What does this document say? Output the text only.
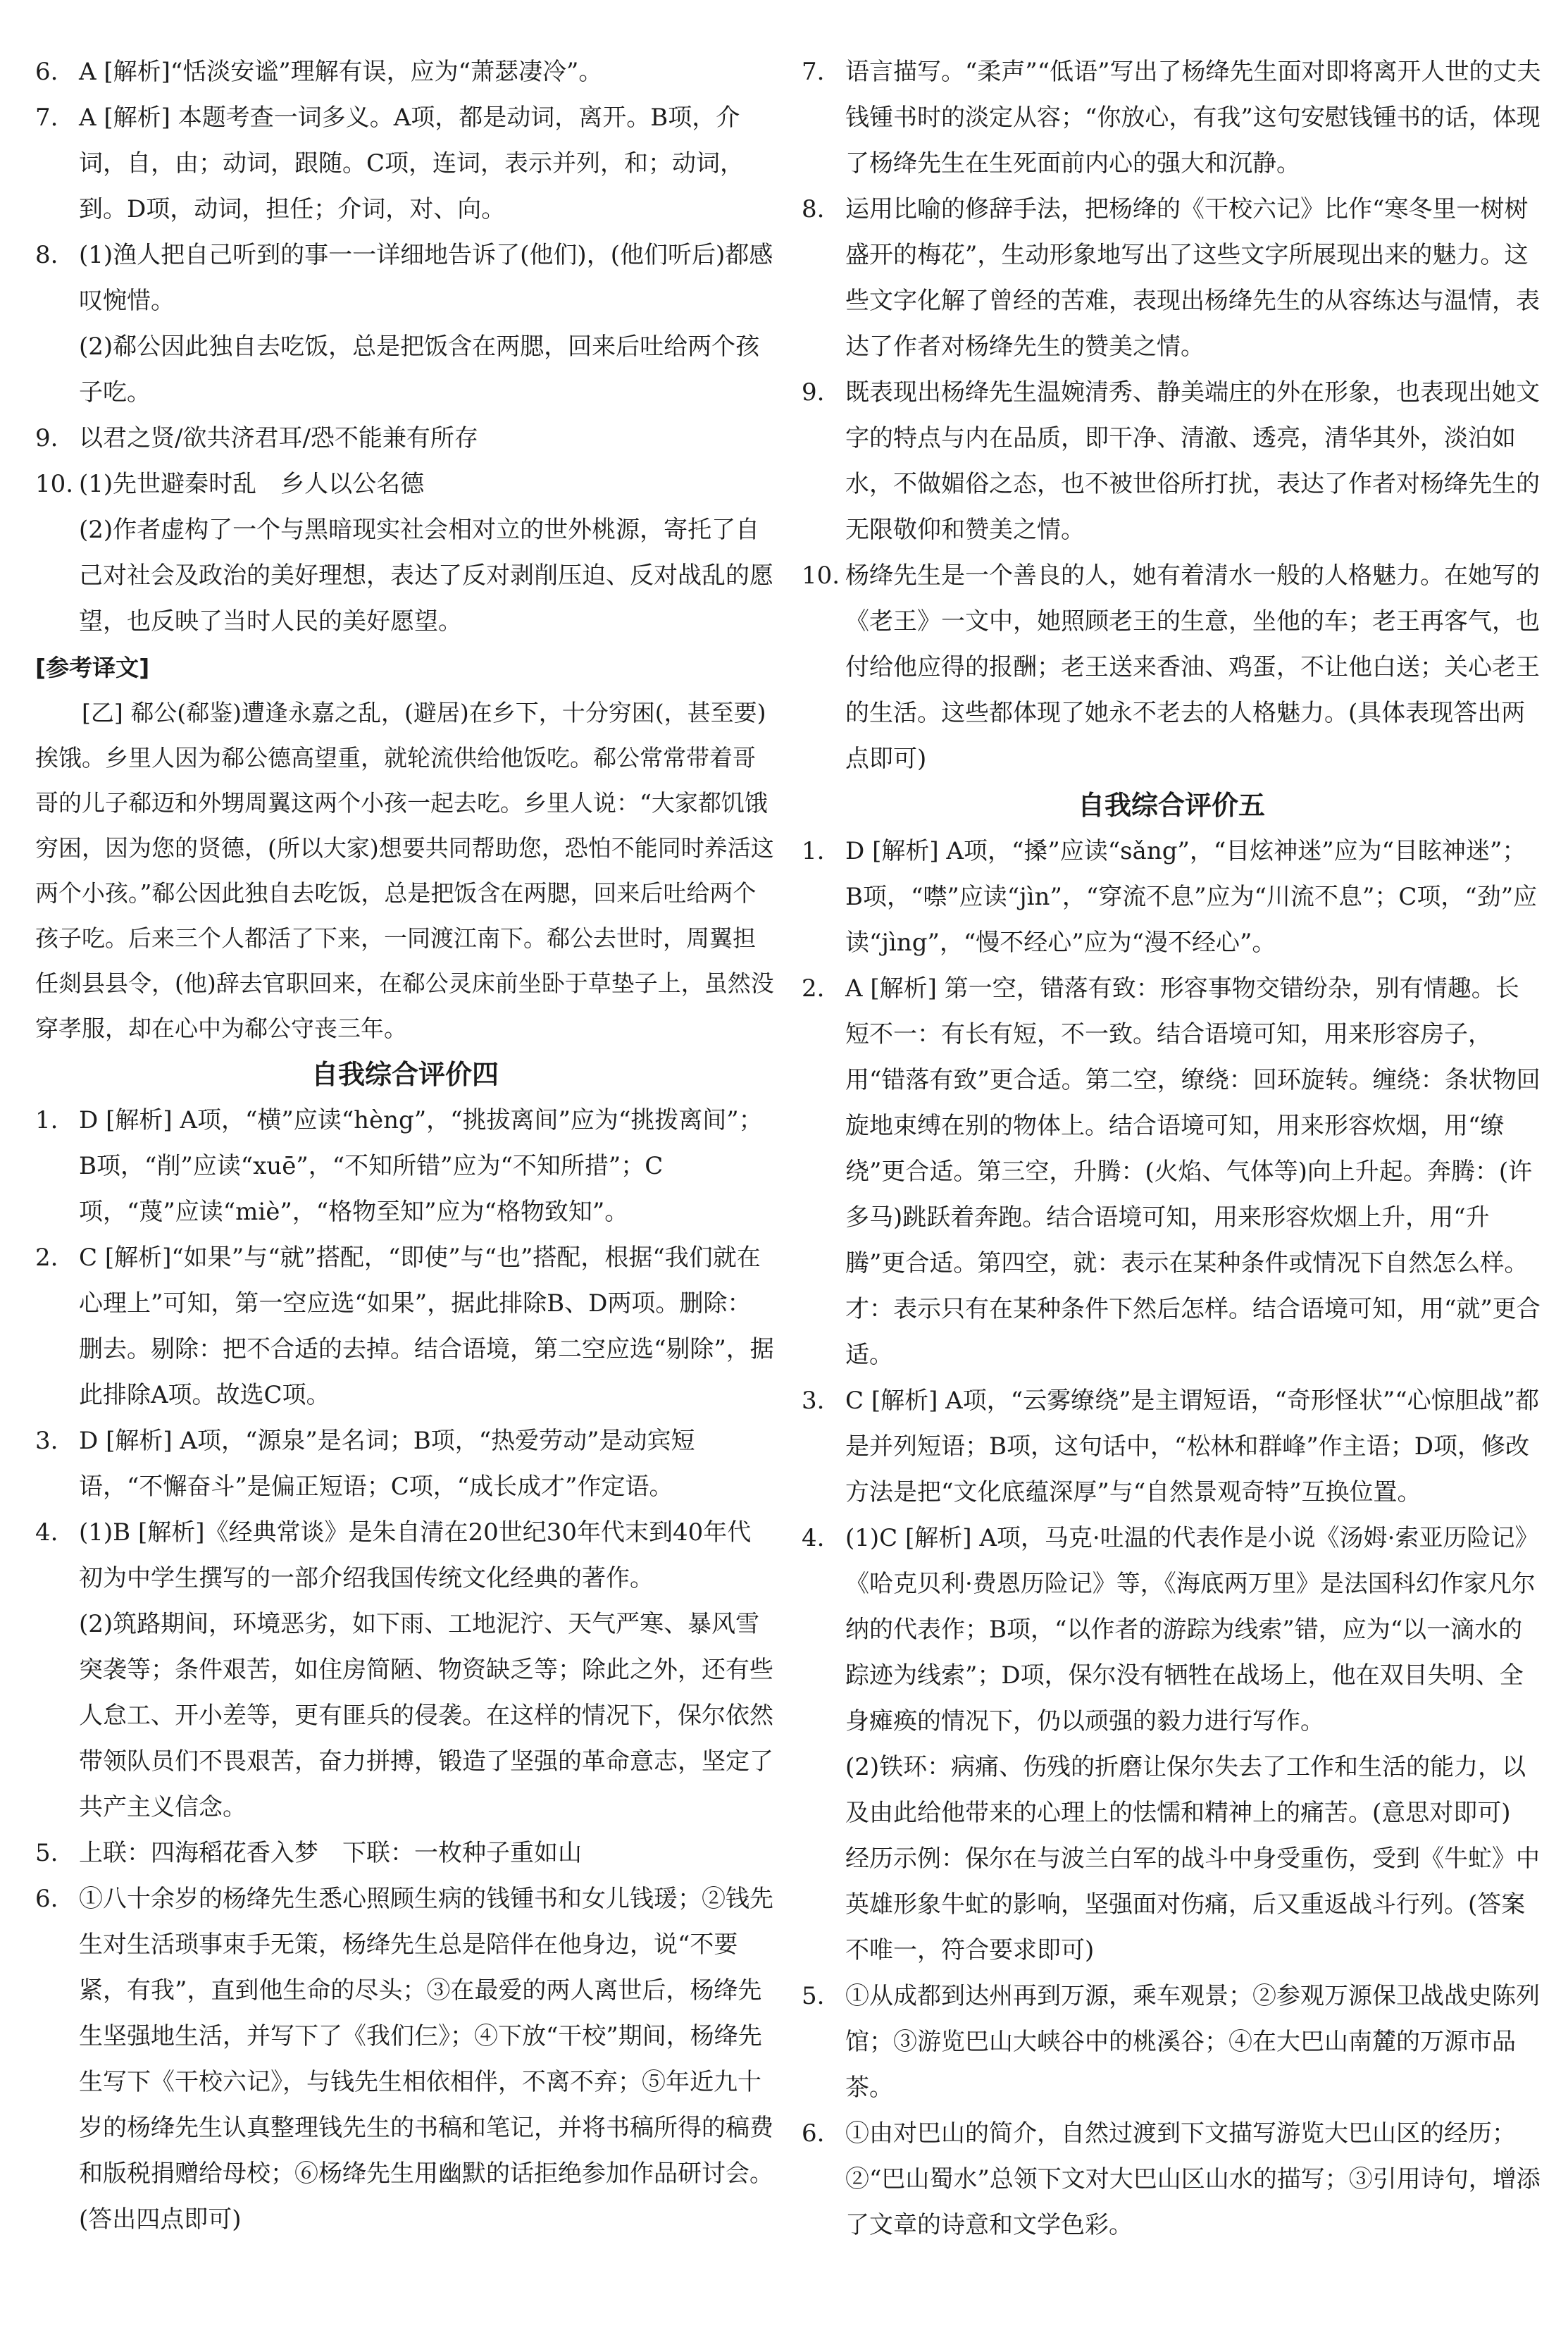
6. A [解析]“恬淡安谧”理解有误，应为“萧瑟凄冷”。
7. A [解析] 本题考查一词多义。A项，都是动词，离开。B项，介词，自，由；动词，跟随。C项，连词，表示并列，和；动词，到。D项，动词，担任；介词，对、向。
8. (1)渔人把自己听到的事一一详细地告诉了(他们)，(他们听后)都感叹惋惜。
(2)郗公因此独自去吃饭，总是把饭含在两腮，回来后吐给两个孩子吃。
9. 以君之贤/欲共济君耳/恐不能兼有所存
10. (1)先世避秦时乱　乡人以公名德
(2)作者虚构了一个与黑暗现实社会相对立的世外桃源，寄托了自己对社会及政治的美好理想，表达了反对剥削压迫、反对战乱的愿望，也反映了当时人民的美好愿望。
[参考译文]

[乙] 郗公(郗鉴)遭逢永嘉之乱，(避居)在乡下，十分穷困(，甚至要)挨饿。乡里人因为郗公德高望重，就轮流供给他饭吃。郗公常常带着哥哥的儿子郗迈和外甥周翼这两个小孩一起去吃。乡里人说：“大家都饥饿穷困，因为您的贤德，(所以大家)想要共同帮助您，恐怕不能同时养活这两个小孩。”郗公因此独自去吃饭，总是把饭含在两腮，回来后吐给两个孩子吃。后来三个人都活了下来，一同渡江南下。郗公去世时，周翼担任剡县县令，(他)辞去官职回来，在郗公灵床前坐卧于草垫子上，虽然没穿孝服，却在心中为郗公守丧三年。

自我综合评价四
1. D [解析] A项，“横”应读“hèng”，“挑拔离间”应为“挑拨离间”；B项，“削”应读“xuē”，“不知所错”应为“不知所措”；C项，“蔑”应读“miè”，“格物至知”应为“格物致知”。
2. C [解析]“如果”与“就”搭配，“即使”与“也”搭配，根据“我们就在心理上”可知，第一空应选“如果”，据此排除B、D两项。删除：删去。剔除：把不合适的去掉。结合语境，第二空应选“剔除”，据此排除A项。故选C项。
3. D [解析] A项，“源泉”是名词；B项，“热爱劳动”是动宾短语，“不懈奋斗”是偏正短语；C项，“成长成才”作定语。
4. (1)B [解析]《经典常谈》是朱自清在20世纪30年代末到40年代初为中学生撰写的一部介绍我国传统文化经典的著作。
(2)筑路期间，环境恶劣，如下雨、工地泥泞、天气严寒、暴风雪突袭等；条件艰苦，如住房简陋、物资缺乏等；除此之外，还有些人怠工、开小差等，更有匪兵的侵袭。在这样的情况下，保尔依然带领队员们不畏艰苦，奋力拼搏，锻造了坚强的革命意志，坚定了共产主义信念。
5. 上联：四海稻花香入梦　下联：一枚种子重如山
6. ①八十余岁的杨绛先生悉心照顾生病的钱锺书和女儿钱瑗；②钱先生对生活琐事束手无策，杨绛先生总是陪伴在他身边，说“不要紧，有我”，直到他生命的尽头；③在最爱的两人离世后，杨绛先生坚强地生活，并写下了《我们仨》；④下放“干校”期间，杨绛先生写下《干校六记》，与钱先生相依相伴，不离不弃；⑤年近九十岁的杨绛先生认真整理钱先生的书稿和笔记，并将书稿所得的稿费和版税捐赠给母校；⑥杨绛先生用幽默的话拒绝参加作品研讨会。(答出四点即可)
7. 语言描写。“柔声”“低语”写出了杨绛先生面对即将离开人世的丈夫钱锺书时的淡定从容；“你放心，有我”这句安慰钱锺书的话，体现了杨绛先生在生死面前内心的强大和沉静。
8. 运用比喻的修辞手法，把杨绛的《干校六记》比作“寒冬里一树树盛开的梅花”，生动形象地写出了这些文字所展现出来的魅力。这些文字化解了曾经的苦难，表现出杨绛先生的从容练达与温情，表达了作者对杨绛先生的赞美之情。
9. 既表现出杨绛先生温婉清秀、静美端庄的外在形象，也表现出她文字的特点与内在品质，即干净、清澈、透亮，清华其外，淡泊如水，不做媚俗之态，也不被世俗所打扰，表达了作者对杨绛先生的无限敬仰和赞美之情。
10. 杨绛先生是一个善良的人，她有着清水一般的人格魅力。在她写的《老王》一文中，她照顾老王的生意，坐他的车；老王再客气，也付给他应得的报酬；老王送来香油、鸡蛋，不让他白送；关心老王的生活。这些都体现了她永不老去的人格魅力。(具体表现答出两点即可)
自我综合评价五
1. D [解析] A项，“搡”应读“sǎng”，“目炫神迷”应为“目眩神迷”；B项，“噤”应读“jìn”，“穿流不息”应为“川流不息”；C项，“劲”应读“jìng”，“慢不经心”应为“漫不经心”。
2. A [解析] 第一空，错落有致：形容事物交错纷杂，别有情趣。长短不一：有长有短，不一致。结合语境可知，用来形容房子，用“错落有致”更合适。第二空，缭绕：回环旋转。缠绕：条状物回旋地束缚在别的物体上。结合语境可知，用来形容炊烟，用“缭绕”更合适。第三空，升腾：(火焰、气体等)向上升起。奔腾：(许多马)跳跃着奔跑。结合语境可知，用来形容炊烟上升，用“升腾”更合适。第四空，就：表示在某种条件或情况下自然怎么样。才：表示只有在某种条件下然后怎样。结合语境可知，用“就”更合适。
3. C [解析] A项，“云雾缭绕”是主谓短语，“奇形怪状”“心惊胆战”都是并列短语；B项，这句话中，“松林和群峰”作主语；D项，修改方法是把“文化底蕴深厚”与“自然景观奇特”互换位置。
4. (1)C [解析] A项，马克·吐温的代表作是小说《汤姆·索亚历险记》《哈克贝利·费恩历险记》等，《海底两万里》是法国科幻作家凡尔纳的代表作；B项，“以作者的游踪为线索”错，应为“以一滴水的踪迹为线索”；D项，保尔没有牺牲在战场上，他在双目失明、全身瘫痪的情况下，仍以顽强的毅力进行写作。
(2)铁环：病痛、伤残的折磨让保尔失去了工作和生活的能力，以及由此给他带来的心理上的怯懦和精神上的痛苦。(意思对即可)
经历示例：保尔在与波兰白军的战斗中身受重伤，受到《牛虻》中英雄形象牛虻的影响，坚强面对伤痛，后又重返战斗行列。(答案不唯一，符合要求即可)
5. ①从成都到达州再到万源，乘车观景；②参观万源保卫战战史陈列馆；③游览巴山大峡谷中的桃溪谷；④在大巴山南麓的万源市品茶。
6. ①由对巴山的简介，自然过渡到下文描写游览大巴山区的经历；②“巴山蜀水”总领下文对大巴山区山水的描写；③引用诗句，增添了文章的诗意和文学色彩。
